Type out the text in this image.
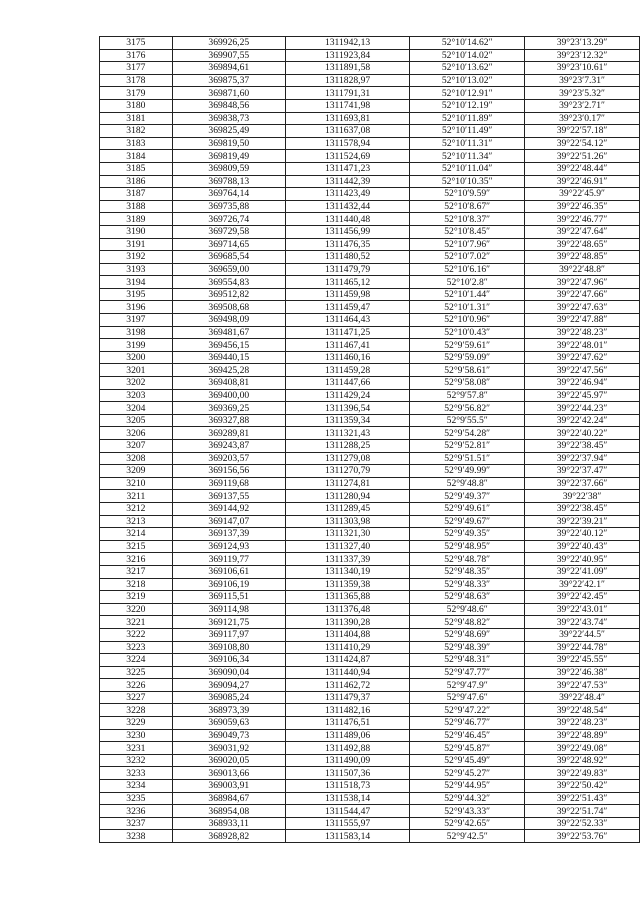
3175	369926,25	1311942,13	52°10′14.62″	39°23′13.29″
3176	369907,55	1311923,84	52°10′14.02″	39°23′12.32″
3177	369894,61	1311891,58	52°10′13.62″	39°23′10.61″
3178	369875,37	1311828,97	52°10′13.02″	39°23′7.31″
3179	369871,60	1311791,31	52°10′12.91″	39°23′5.32″
3180	369848,56	1311741,98	52°10′12.19″	39°23′2.71″
3181	369838,73	1311693,81	52°10′11.89″	39°23′0.17″
3182	369825,49	1311637,08	52°10′11.49″	39°22′57.18″
3183	369819,50	1311578,94	52°10′11.31″	39°22′54.12″
3184	369819,49	1311524,69	52°10′11.34″	39°22′51.26″
3185	369809,59	1311471,23	52°10′11.04″	39°22′48.44″
3186	369788,13	1311442,39	52°10′10.35″	39°22′46.91″
3187	369764,14	1311423,49	52°10′9.59″	39°22′45.9″
3188	369735,88	1311432,44	52°10′8.67″	39°22′46.35″
3189	369726,74	1311440,48	52°10′8.37″	39°22′46.77″
3190	369729,58	1311456,99	52°10′8.45″	39°22′47.64″
3191	369714,65	1311476,35	52°10′7.96″	39°22′48.65″
3192	369685,54	1311480,52	52°10′7.02″	39°22′48.85″
3193	369659,00	1311479,79	52°10′6.16″	39°22′48.8″
3194	369554,83	1311465,12	52°10′2.8″	39°22′47.96″
3195	369512,82	1311459,98	52°10′1.44″	39°22′47.66″
3196	369508,68	1311459,47	52°10′1.31″	39°22′47.63″
3197	369498,09	1311464,43	52°10′0.96″	39°22′47.88″
3198	369481,67	1311471,25	52°10′0.43″	39°22′48.23″
3199	369456,15	1311467,41	52°9′59.61″	39°22′48.01″
3200	369440,15	1311460,16	52°9′59.09″	39°22′47.62″
3201	369425,28	1311459,28	52°9′58.61″	39°22′47.56″
3202	369408,81	1311447,66	52°9′58.08″	39°22′46.94″
3203	369400,00	1311429,24	52°9′57.8″	39°22′45.97″
3204	369369,25	1311396,54	52°9′56.82″	39°22′44.23″
3205	369327,88	1311359,34	52°9′55.5″	39°22′42.24″
3206	369289,81	1311321,43	52°9′54.28″	39°22′40.22″
3207	369243,87	1311288,25	52°9′52.81″	39°22′38.45″
3208	369203,57	1311279,08	52°9′51.51″	39°22′37.94″
3209	369156,56	1311270,79	52°9′49.99″	39°22′37.47″
3210	369119,68	1311274,81	52°9′48.8″	39°22′37.66″
3211	369137,55	1311280,94	52°9′49.37″	39°22′38″
3212	369144,92	1311289,45	52°9′49.61″	39°22′38.45″
3213	369147,07	1311303,98	52°9′49.67″	39°22′39.21″
3214	369137,39	1311321,30	52°9′49.35″	39°22′40.12″
3215	369124,93	1311327,40	52°9′48.95″	39°22′40.43″
3216	369119,77	1311337,39	52°9′48.78″	39°22′40.95″
3217	369106,61	1311340,19	52°9′48.35″	39°22′41.09″
3218	369106,19	1311359,38	52°9′48.33″	39°22′42.1″
3219	369115,51	1311365,88	52°9′48.63″	39°22′42.45″
3220	369114,98	1311376,48	52°9′48.6″	39°22′43.01″
3221	369121,75	1311390,28	52°9′48.82″	39°22′43.74″
3222	369117,97	1311404,88	52°9′48.69″	39°22′44.5″
3223	369108,80	1311410,29	52°9′48.39″	39°22′44.78″
3224	369106,34	1311424,87	52°9′48.31″	39°22′45.55″
3225	369090,04	1311440,94	52°9′47.77″	39°22′46.38″
3226	369094,27	1311462,72	52°9′47.9″	39°22′47.53″
3227	369085,24	1311479,37	52°9′47.6″	39°22′48.4″
3228	368973,39	1311482,16	52°9′47.22″	39°22′48.54″
3229	369059,63	1311476,51	52°9′46.77″	39°22′48.23″
3230	369049,73	1311489,06	52°9′46.45″	39°22′48.89″
3231	369031,92	1311492,88	52°9′45.87″	39°22′49.08″
3232	369020,05	1311490,09	52°9′45.49″	39°22′48.92″
3233	369013,66	1311507,36	52°9′45.27″	39°22′49.83″
3234	369003,91	1311518,73	52°9′44.95″	39°22′50.42″
3235	368984,67	1311538,14	52°9′44.32″	39°22′51.43″
3236	368954,08	1311544,47	52°9′43.33″	39°22′51.74″
3237	368933,11	1311555,97	52°9′42.65″	39°22′52.33″
3238	368928,82	1311583,14	52°9′42.5″	39°22′53.76″
